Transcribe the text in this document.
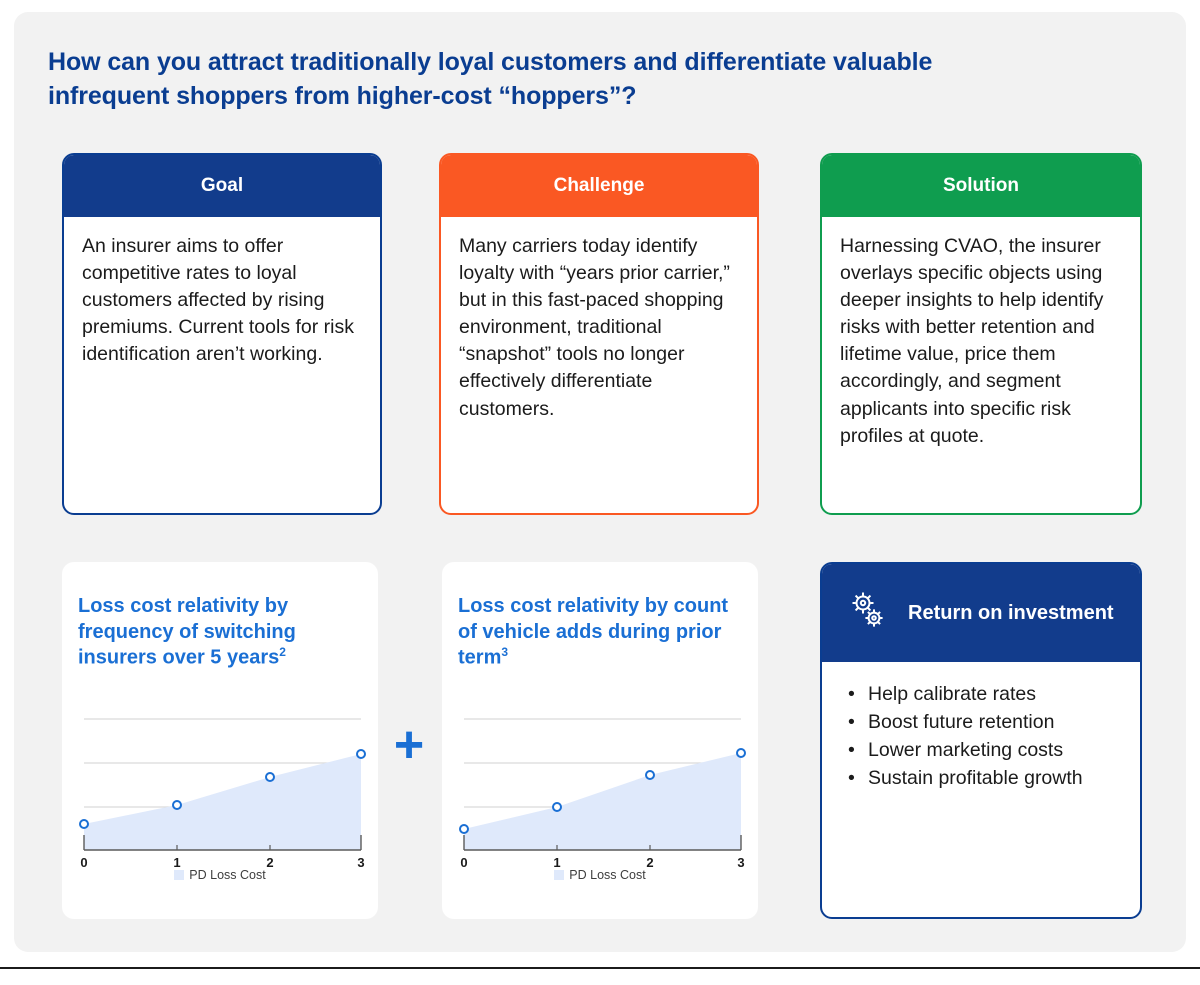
How can you attract traditionally loyal customers and differentiate valuable infrequent shoppers from higher-cost “hoppers”?
Goal
An insurer aims to offer competitive rates to loyal customers affected by rising premiums. Current tools for risk identification aren’t working.
Challenge
Many carriers today identify loyalty with “years prior carrier,” but in this fast-paced shopping environment, traditional “snapshot” tools no longer effectively differentiate customers.
Solution
Harnessing CVAO, the insurer overlays specific objects using deeper insights to help identify risks with better retention and lifetime value, price them accordingly, and segment applicants into specific risk profiles at quote.
Loss cost relativity by frequency of switching insurers over 5 years$^2$
0	1	2	3
PD Loss Cost
+
Loss cost relativity by count of vehicle adds during prior term$^3$
0	1	2	3
PD Loss Cost
Return on investment
• Help calibrate rates
• Boost future retention
• Lower marketing costs
• Sustain profitable growth
